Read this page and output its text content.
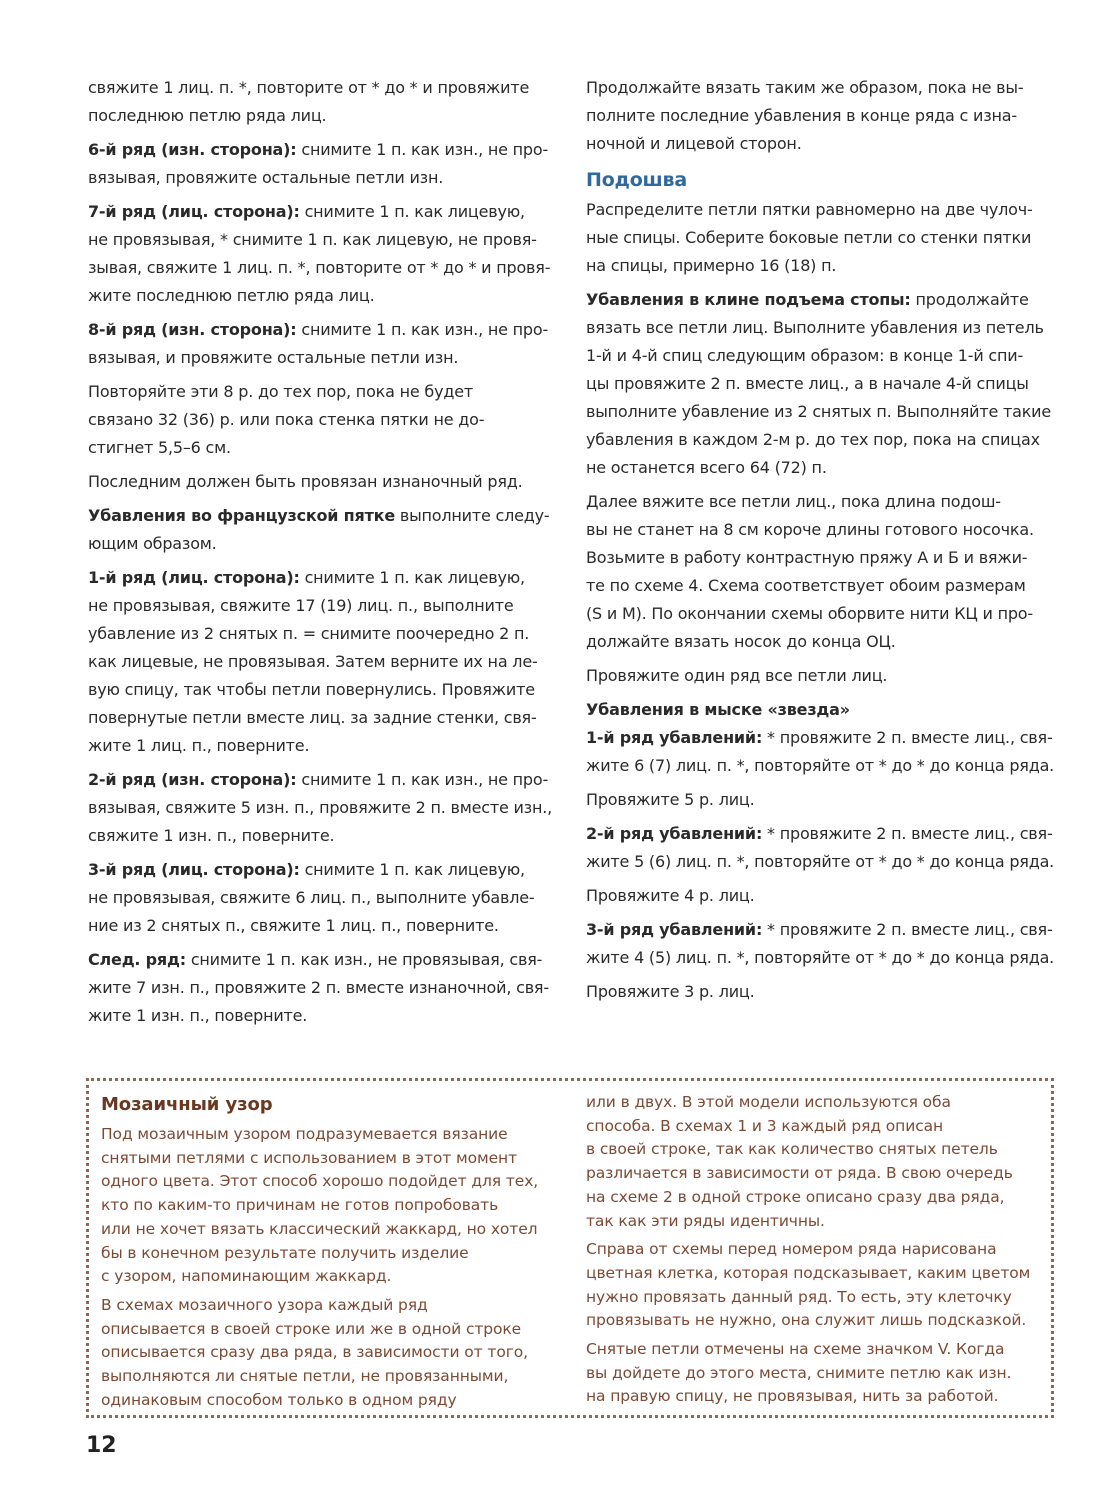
свяжите 1 лиц. п. *, повторите от * до * и провяжите
последнюю петлю ряда лиц.

6-й ряд (изн. сторона): снимите 1 п. как изн., не про-
вязывая, провяжите остальные петли изн.

7-й ряд (лиц. сторона): снимите 1 п. как лицевую,
не провязывая, * снимите 1 п. как лицевую, не провя-
зывая, свяжите 1 лиц. п. *, повторите от * до * и провя-
жите последнюю петлю ряда лиц.

8-й ряд (изн. сторона): снимите 1 п. как изн., не про-
вязывая, и провяжите остальные петли изн.

Повторяйте эти 8 р. до тех пор, пока не будет
связано 32 (36) р. или пока стенка пятки не до-
стигнет 5,5–6 см.

Последним должен быть провязан изнаночный ряд.

Убавления во французской пятке выполните следу-
ющим образом.

1-й ряд (лиц. сторона): снимите 1 п. как лицевую,
не провязывая, свяжите 17 (19) лиц. п., выполните
убавление из 2 снятых п. = снимите поочередно 2 п.
как лицевые, не провязывая. Затем верните их на ле-
вую спицу, так чтобы петли повернулись. Провяжите
повернутые петли вместе лиц. за задние стенки, свя-
жите 1 лиц. п., поверните.

2-й ряд (изн. сторона): снимите 1 п. как изн., не про-
вязывая, свяжите 5 изн. п., провяжите 2 п. вместе изн.,
свяжите 1 изн. п., поверните.

3-й ряд (лиц. сторона): снимите 1 п. как лицевую,
не провязывая, свяжите 6 лиц. п., выполните убавле-
ние из 2 снятых п., свяжите 1 лиц. п., поверните.

След. ряд: снимите 1 п. как изн., не провязывая, свя-
жите 7 изн. п., провяжите 2 п. вместе изнаночной, свя-
жите 1 изн. п., поверните.

Продолжайте вязать таким же образом, пока не вы-
полните последние убавления в конце ряда с изна-
ночной и лицевой сторон.

Подошва

Распределите петли пятки равномерно на две чулоч-
ные спицы. Соберите боковые петли со стенки пятки
на спицы, примерно 16 (18) п.

Убавления в клине подъема стопы: продолжайте
вязать все петли лиц. Выполните убавления из петель
1-й и 4-й спиц следующим образом: в конце 1-й спи-
цы провяжите 2 п. вместе лиц., а в начале 4-й спицы
выполните убавление из 2 снятых п. Выполняйте такие
убавления в каждом 2-м р. до тех пор, пока на спицах
не останется всего 64 (72) п.

Далее вяжите все петли лиц., пока длина подош-
вы не станет на 8 см короче длины готового носочка.
Возьмите в работу контрастную пряжу А и Б и вяжи-
те по схеме 4. Схема соответствует обоим размерам
(S и M). По окончании схемы оборвите нити КЦ и про-
должайте вязать носок до конца ОЦ.

Провяжите один ряд все петли лиц.

Убавления в мыске «звезда»

1-й ряд убавлений: * провяжите 2 п. вместе лиц., свя-
жите 6 (7) лиц. п. *, повторяйте от * до * до конца ряда.

Провяжите 5 р. лиц.

2-й ряд убавлений: * провяжите 2 п. вместе лиц., свя-
жите 5 (6) лиц. п. *, повторяйте от * до * до конца ряда.

Провяжите 4 р. лиц.

3-й ряд убавлений: * провяжите 2 п. вместе лиц., свя-
жите 4 (5) лиц. п. *, повторяйте от * до * до конца ряда.

Провяжите 3 р. лиц.

Мозаичный узор

Под мозаичным узором подразумевается вязание
снятыми петлями с использованием в этот момент
одного цвета. Этот способ хорошо подойдет для тех,
кто по каким-то причинам не готов попробовать
или не хочет вязать классический жаккард, но хотел
бы в конечном результате получить изделие
с узором, напоминающим жаккард.

В схемах мозаичного узора каждый ряд
описывается в своей строке или же в одной строке
описывается сразу два ряда, в зависимости от того,
выполняются ли снятые петли, не провязанными,
одинаковым способом только в одном ряду

или в двух. В этой модели используются оба
способа. В схемах 1 и 3 каждый ряд описан
в своей строке, так как количество снятых петель
различается в зависимости от ряда. В свою очередь
на схеме 2 в одной строке описано сразу два ряда,
так как эти ряды идентичны.

Справа от схемы перед номером ряда нарисована
цветная клетка, которая подсказывает, каким цветом
нужно провязать данный ряд. То есть, эту клеточку
провязывать не нужно, она служит лишь подсказкой.

Снятые петли отмечены на схеме значком V. Когда
вы дойдете до этого места, снимите петлю как изн.
на правую спицу, не провязывая, нить за работой.

12
